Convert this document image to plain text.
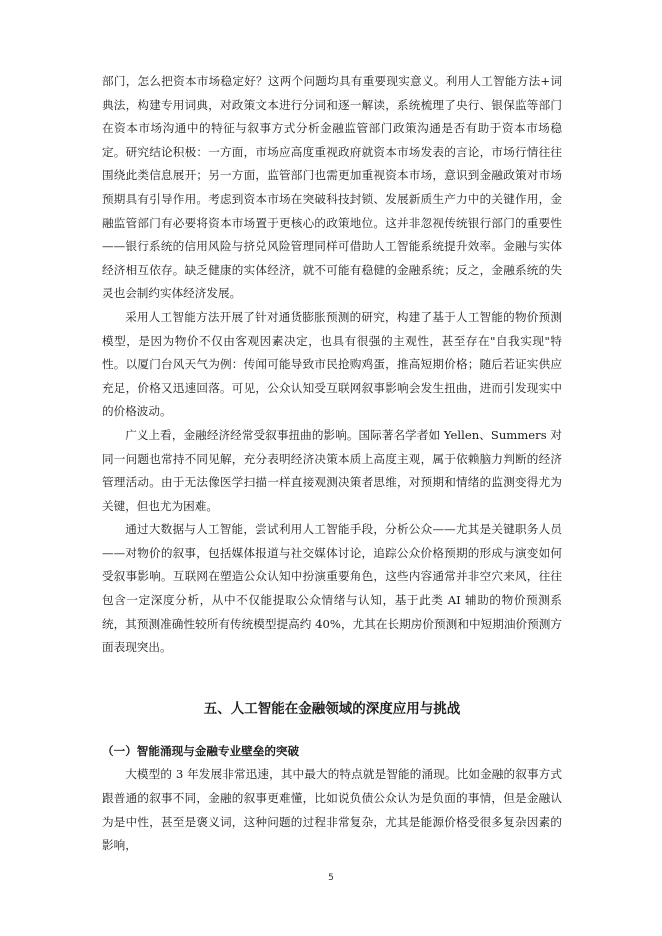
部门，怎么把资本市场稳定好？这两个问题均具有重要现实意义。利用人工智能方法+词典法，构建专用词典，对政策文本进行分词和逐一解读，系统梳理了央行、银保监等部门在资本市场沟通中的特征与叙事方式分析金融监管部门政策沟通是否有助于资本市场稳定。研究结论积极：一方面，市场应高度重视政府就资本市场发表的言论，市场行情往往围绕此类信息展开；另一方面，监管部门也需更加重视资本市场，意识到金融政策对市场预期具有引导作用。考虑到资本市场在突破科技封锁、发展新质生产力中的关键作用，金融监管部门有必要将资本市场置于更核心的政策地位。这并非忽视传统银行部门的重要性——银行系统的信用风险与挤兑风险管理同样可借助人工智能系统提升效率。金融与实体经济相互依存。缺乏健康的实体经济，就不可能有稳健的金融系统；反之，金融系统的失灵也会制约实体经济发展。

采用人工智能方法开展了针对通货膨胀预测的研究，构建了基于人工智能的物价预测模型，是因为物价不仅由客观因素决定，也具有很强的主观性，甚至存在"自我实现"特性。以厦门台风天气为例：传闻可能导致市民抢购鸡蛋，推高短期价格；随后若证实供应充足，价格又迅速回落。可见，公众认知受互联网叙事影响会发生扭曲，进而引发现实中的价格波动。

广义上看，金融经济经常受叙事扭曲的影响。国际著名学者如 Yellen、Summers 对同一问题也常持不同见解，充分表明经济决策本质上高度主观，属于依赖脑力判断的经济管理活动。由于无法像医学扫描一样直接观测决策者思维，对预期和情绪的监测变得尤为关键，但也尤为困难。

通过大数据与人工智能，尝试利用人工智能手段，分析公众——尤其是关键职务人员——对物价的叙事，包括媒体报道与社交媒体讨论，追踪公众价格预期的形成与演变如何受叙事影响。互联网在塑造公众认知中扮演重要角色，这些内容通常并非空穴来风，往往包含一定深度分析，从中不仅能提取公众情绪与认知，基于此类 AI 辅助的物价预测系统，其预测准确性较所有传统模型提高约 40%，尤其在长期房价预测和中短期油价预测方面表现突出。

五、人工智能在金融领域的深度应用与挑战
（一）智能涌现与金融专业壁垒的突破

大模型的 3 年发展非常迅速，其中最大的特点就是智能的涌现。比如金融的叙事方式跟普通的叙事不同，金融的叙事更难懂，比如说负债公众认为是负面的事情，但是金融认为是中性，甚至是褒义词，这种问题的过程非常复杂，尤其是能源价格受很多复杂因素的影响，

5
